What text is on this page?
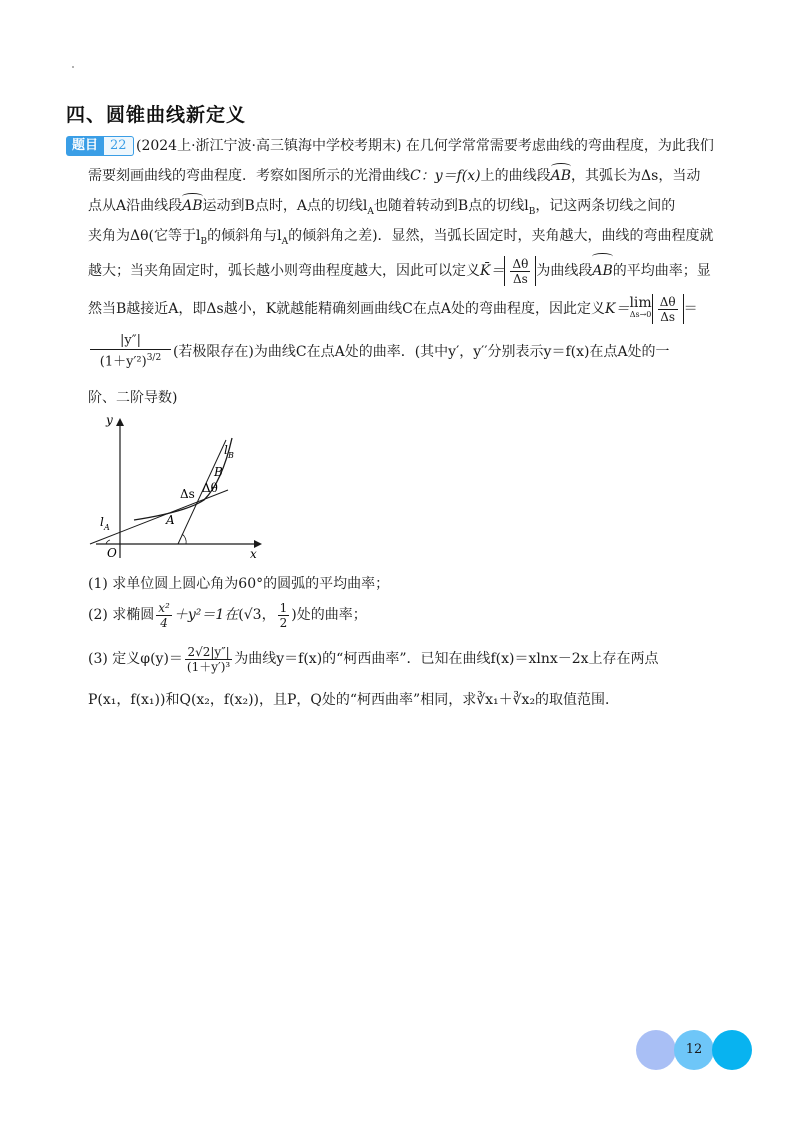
四、圆锥曲线新定义
题目 22 (2024上·浙江宁波·高三镇海中学校考期末) 在几何学常常需要考虑曲线的弯曲程度，为此我们
需要刻画曲线的弯曲程度．考察如图所示的光滑曲线C：y＝f(x)上的曲线段AB，其弧长为Δs，当动
点从A沿曲线段AB运动到B点时，A点的切线$l_A$也随着转动到B点的切线$l_B$，记这两条切线之间的
夹角为Δθ(它等于$l_B$的倾斜角与$l_A$的倾斜角之差)．显然，当弧长固定时，夹角越大，曲线的弯曲程度就
越大；当夹角固定时，弧长越小则弯曲程度越大，因此可以定义K̄＝ $\frac{\Delta\theta}{\Delta s}$ 为曲线段AB的平均曲率；显
然当B越接近A，即Δs越小，K就越能精确刻画曲线C在点A处的弯曲程度，因此定义K＝ lim
$\Delta s\to 0 \frac{\Delta\theta}{\Delta s}$ ＝
$\frac{|y''|}{(1+y'^2)^{3/2}}$ (若极限存在)为曲线C在点A处的曲率．(其中y′，y′′分别表示y＝f(x)在点A处的一
阶、二阶导数)
y
x
O
l B
B
Δs Δθ
l A
A
(1) 求单位圆上圆心角为60°的圆弧的平均曲率；
(2) 求椭圆 $\frac{\text{x²}}{4} +y^2=1$在(√3， $\frac{1}{2}$ )处的曲率；
(3) 定义$\varphi(y)= \frac{2√2|y''|}{\text{(1＋y′)³}}$ 为曲线y＝f(x)的“柯西曲率”．已知在曲线f(x)＝xlnx－2x上存在两点
P(x₁，f(x₁))和Q(x₂，f(x₂))，且P，Q处的“柯西曲率”相同，求∛x₁＋∛x₂的取值范围．
12
